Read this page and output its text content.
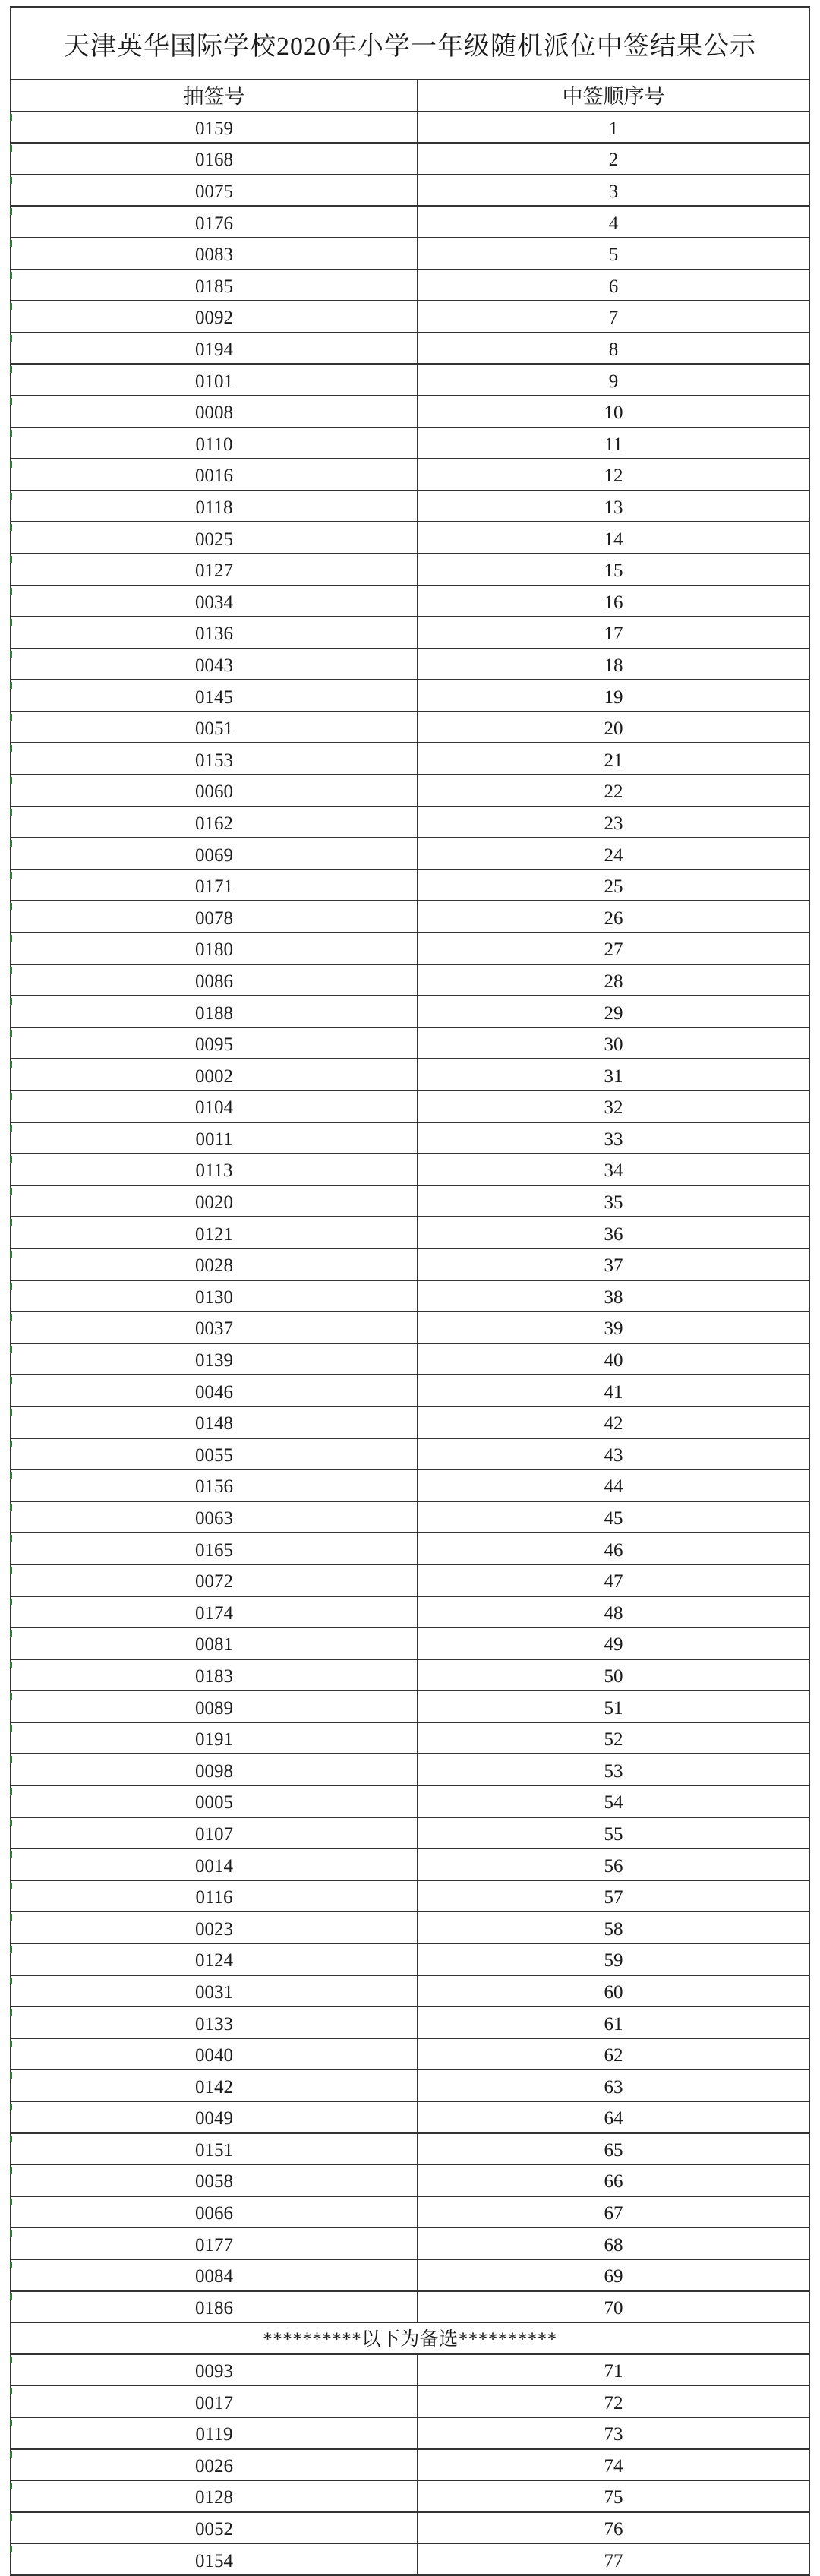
天津英华国际学校2020年小学一年级随机派位中签结果公示
抽签号	中签顺序号
0159	1
0168	2
0075	3
0176	4
0083	5
0185	6
0092	7
0194	8
0101	9
0008	10
0110	11
0016	12
0118	13
0025	14
0127	15
0034	16
0136	17
0043	18
0145	19
0051	20
0153	21
0060	22
0162	23
0069	24
0171	25
0078	26
0180	27
0086	28
0188	29
0095	30
0002	31
0104	32
0011	33
0113	34
0020	35
0121	36
0028	37
0130	38
0037	39
0139	40
0046	41
0148	42
0055	43
0156	44
0063	45
0165	46
0072	47
0174	48
0081	49
0183	50
0089	51
0191	52
0098	53
0005	54
0107	55
0014	56
0116	57
0023	58
0124	59
0031	60
0133	61
0040	62
0142	63
0049	64
0151	65
0058	66
0066	67
0177	68
0084	69
0186	70
**********以下为备选**********
0093	71
0017	72
0119	73
0026	74
0128	75
0052	76
0154	77
